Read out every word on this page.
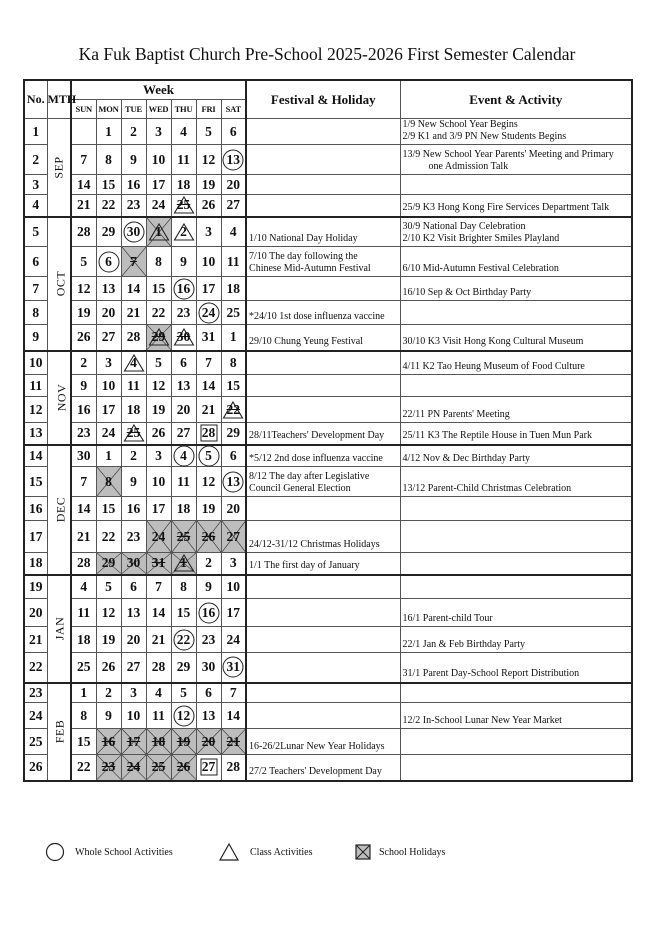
Ka Fuk Baptist Church Pre-School 2025-2026 First Semester Calendar
No.	MTH	Week							Festival & Holiday	Event & Activity
		SUN	MON	TUE	WED	THU	FRI	SAT		
1	SEP		1	2	3	4	5	6		1/9 New School Year Begins
2/9 K1 and 3/9 PN New Students Begins

2		7	8	9	10	11	12	13		13/9 New School Year Parents' Meeting and Primary
one Admission Talk

3		14	15	16	17	18	19	20		
4		21	22	23	24	25	26	27		25/9 K3 Hong Kong Fire Services Department Talk

5	OCT	28	29	30	1	2	3	4	1/10 National Day Holiday	30/9 National Day Celebration
2/10 K2 Visit Brighter Smiles Playland

6		5	6	7	8	9	10	11	7/10 The day following the
Chinese Mid-Autumn Festival	6/10 Mid-Autumn Festival Celebration

7		12	13	14	15	16	17	18		16/10 Sep & Oct Birthday Party

8		19	20	21	22	23	24	25	*24/10 1st dose influenza vaccine	

9		26	27	28	29	30	31	1	29/10 Chung Yeung Festival	30/10 K3 Visit Hong Kong Cultural Museum

10	NOV	2	3	4	5	6	7	8		4/11 K2 Tao Heung Museum of Food Culture

11		9	10	11	12	13	14	15		
12		16	17	18	19	20	21	22		22/11 PN Parents' Meeting

13		23	24	25	26	27	28	29	28/11Teachers' Development Day	25/11 K3 The Reptile House in Tuen Mun Park

14	DEC	30	1	2	3	4	5	6	*5/12 2nd dose influenza vaccine	4/12 Nov & Dec Birthday Party

15		7	8	9	10	11	12	13	8/12 The day after Legislative
Council General Election	13/12 Parent-Child Christmas Celebration

16		14	15	16	17	18	19	20		
17		21	22	23	24	25	26	27	24/12-31/12 Christmas Holidays	

18		28	29	30	31	1	2	3	1/1 The first day of January	

19	JAN	4	5	6	7	8	9	10		
20		11	12	13	14	15	16	17		16/1 Parent-child Tour

21		18	19	20	21	22	23	24		22/1 Jan & Feb Birthday Party

22		25	26	27	28	29	30	31		31/1 Parent Day-School Report Distribution

23	FEB	1	2	3	4	5	6	7		
24		8	9	10	11	12	13	14		12/2 In-School Lunar New Year Market

25		15	16	17	18	19	20	21	16-26/2Lunar New Year Holidays	

26		22	23	24	25	26	27	28	27/2 Teachers' Development Day	

Whole School Activities	Class Activities	School Holidays
